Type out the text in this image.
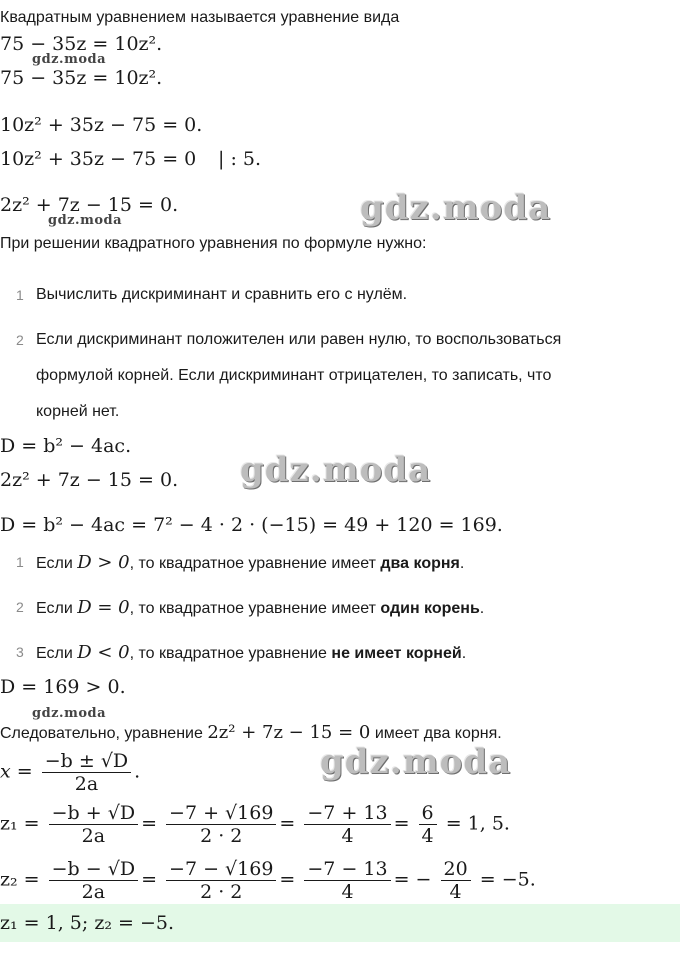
Квадратным уравнением называется уравнение вида
75 − 35z = 10z².
gdz.moda
75 − 35z = 10z².
10z² + 35z − 75 = 0.
10z² + 35z − 75 = 0 | : 5.
2z² + 7z − 15 = 0.
gdz.moda	gdz.moda
При решении квадратного уравнения по формуле нужно:
1 Вычислить дискриминант и сравнить его с нулём.
2 Если дискриминант положителен или равен нулю, то воспользоваться
формулой корней. Если дискриминант отрицателен, то записать, что
корней нет.
D = b² − 4ac.
2z² + 7z − 15 = 0. gdz.moda
D = b² − 4ac = 7² − 4 · 2 · (−15) = 49 + 120 = 169.
1 Если D > 0, то квадратное уравнение имеет два корня.
2 Если D = 0, то квадратное уравнение имеет один корень.
3 Если D < 0, то квадратное уравнение не имеет корней.
D = 169 > 0.
gdz.moda
Следовательно, уравнение 2z² + 7z − 15 = 0 имеет два корня.
$x = \frac{-b \pm √D}{2a}$ .	gdz.moda
$z_1 = \frac{-b + √D}{2a} = \frac{-7 + √169}{2 \cdot 2} = \frac{-7 + 13}{4} = \frac{6}{4} = 1$, 5.
$z_2 = \frac{-b - √D}{2a} = \frac{-7 - √169}{2 \cdot 2} = \frac{-7 - 13}{4}$ = − $\frac{20}{4} = -5$.
z₁ = 1, 5; z₂ = −5.
